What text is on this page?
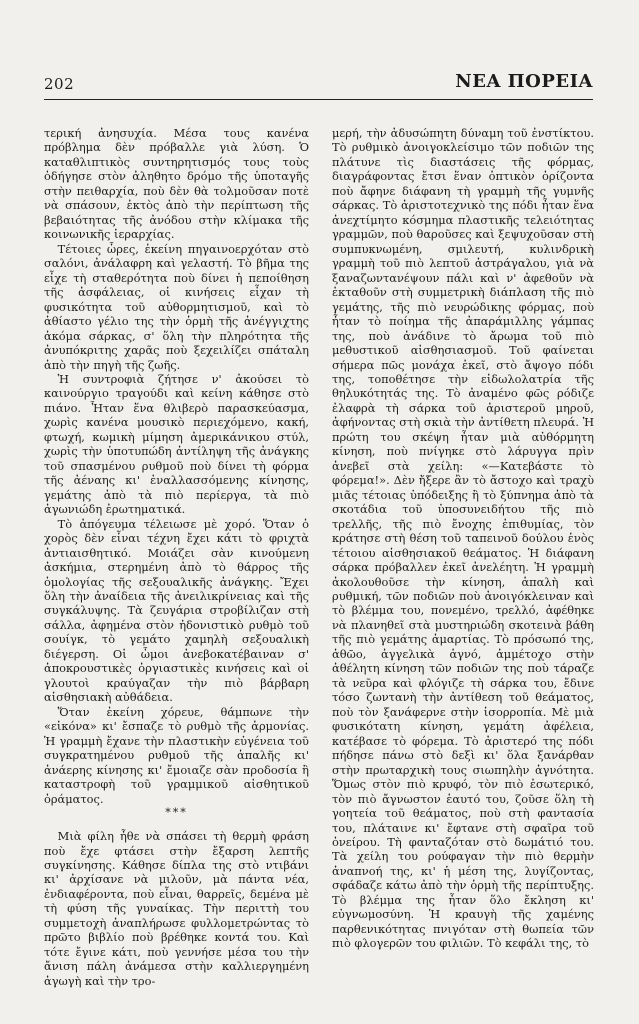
202	ΝΕΑ ΠΟΡΕΙΑ

τερική ἀνησυχία. Μέσα τους κανένα πρόβλημα δὲν πρόβαλλε γιὰ λύση. Ὁ καταθλιπτικὸς συντηρητισμός τους τοὺς ὁδήγησε στὸν ἀληθητο δρόμο τῆς ὑποταγῆς στὴν πειθαρχία, ποὺ δὲν θὰ τολμοῦσαν ποτὲ νὰ σπάσουν, ἐκτὸς ἀπὸ τὴν περίπτωση τῆς βεβαιότητας τῆς ἀνόδου στὴν κλίμακα τῆς κοινωνικῆς ἱεραρχίας.

Τέτοιες ὧρες, ἐκείνη πηγαινοερχόταν στὸ σαλόνι, ἀνάλαφρη καὶ γελαστή. Τὸ βῆμα της εἶχε τὴ σταθερότητα ποὺ δίνει ἡ πεποίθηση τῆς ἀσφάλειας, οἱ κινήσεις εἶχαν τὴ φυσικότητα τοῦ αὐθορμητισμοῦ, καὶ τὸ ἀθίαστο γέλιο της τὴν ὁρμὴ τῆς ἀνέγγιχτης ἀκόμα σάρκας, σ' ὅλη τὴν πληρότητα τῆς ἀνυπόκριτης χαρᾶς ποὺ ξεχειλίζει σπάταλη ἀπὸ τὴν πηγὴ τῆς ζωῆς.

Ἡ συντροφιὰ ζήτησε ν' ἀκούσει τὸ καινούργιο τραγούδι καὶ κείνη κάθησε στὸ πιάνο. Ἦταν ἕνα θλιβερὸ παρασκεύασμα, χωρὶς κανένα μουσικὸ περιεχόμενο, κακή, φτωχή, κωμικὴ μίμηση ἀμερικάνικου στύλ, χωρὶς τὴν ὑποτυπώδη ἀντίληψη τῆς ἀνάγκης τοῦ σπασμένου ρυθμοῦ ποὺ δίνει τὴ φόρμα τῆς ἀέναης κι' ἐναλλασσόμενης κίνησης, γεμάτης ἀπὸ τὰ πιὸ περίεργα, τὰ πιὸ ἀγωνιώδη ἐρωτηματικά.

Τὸ ἀπόγευμα τέλειωσε μὲ χορό. Ὅταν ὁ χορὸς δὲν εἶναι τέχνη ἔχει κάτι τὸ φριχτὰ ἀντιαισθητικό. Μοιάζει σὰν κινούμενη ἀσκήμια, στερημένη ἀπὸ τὸ θάρρος τῆς ὁμολογίας τῆς σεξουαλικῆς ἀνάγκης. Ἔχει ὅλη τὴν ἀναίδεια τῆς ἀνειλικρίνειας καὶ τῆς συγκάλυψης. Τὰ ζευγάρια στροβίλιζαν στὴ σάλλα, ἀφημένα στὸν ἠδονιστικὸ ρυθμὸ τοῦ σουίγκ, τὸ γεμάτο χαμηλὴ σεξουαλικὴ διέγερση. Οἱ ὦμοι ἀνεβοκατέβαιναν σ' ἀποκρουστικὲς ὀργιαστικὲς κινήσεις καὶ οἱ γλουτοὶ κραύγαζαν τὴν πιὸ βάρβαρη αἰσθησιακὴ αὐθάδεια.

Ὅταν ἐκείνη χόρευε, θάμπωνε τὴν «εἰκόνα» κι' ἔσπαζε τὸ ρυθμὸ τῆς ἁρμονίας. Ἡ γραμμὴ ἔχανε τὴν πλαστικὴν εὐγένεια τοῦ συγκρατημένου ρυθμοῦ τῆς ἁπαλῆς κι' ἀνάερης κίνησης κι' ἔμοιαζε σὰν προδοσία ἢ καταστροφὴ τοῦ γραμμικοῦ αἰσθητικοῦ ὁράματος.

***

Μιὰ φίλη ἦθε νὰ σπάσει τὴ θερμὴ φράση ποὺ ἔχε φτάσει στὴν ἔξαρση λεπτῆς συγκίνησης. Κάθησε δίπλα της στὸ ντιβάνι κι' ἀρχίσανε νὰ μιλοῦν, μὰ πάντα νέα, ἐνδιαφέροντα, ποὺ εἶναι, θαρρεῖς, δεμένα μὲ τὴ φύση τῆς γυναίκας. Τὴν περιττὴ του συμμετοχὴ ἀναπλήρωσε φυλλομετρώντας τὸ πρῶτο βιβλίο ποὺ βρέθηκε κοντά του. Καὶ τότε ἔγινε κάτι, ποὺ γεννήσε μέσα του τὴν ἄνιση πάλη ἀνάμεσα στὴν καλλιεργημένη ἀγωγὴ καὶ τὴν τρο-

μερή, τὴν ἀδυσώπητη δύναμη τοῦ ἐνστίκτου. Τὸ ρυθμικὸ ἀνοιγοκλείσιμο τῶν ποδιῶν της πλάτυνε τὶς διαστάσεις τῆς φόρμας, διαγράφοντας ἔτσι ἕναν ὀπτικὸν ὁρίζοντα ποὺ ἄφηνε διάφανη τὴ γραμμὴ τῆς γυμνῆς σάρκας. Τὸ ἀριστοτεχνικὸ της πόδι ἦταν ἕνα ἀνεχτίμητο κόσμημα πλαστικῆς τελειότητας γραμμῶν, ποὺ θαροῦσες καὶ ξεψυχοῦσαν στὴ συμπυκνωμένη, σμιλευτή, κυλινδρικὴ γραμμὴ τοῦ πιὸ λεπτοῦ ἀστράγαλου, γιὰ νὰ ξαναζωντανέψουν πάλι καὶ ν' ἀφεθοῦν νὰ ἐκταθοῦν στὴ συμμετρικὴ διάπλαση τῆς πιὸ γεμάτης, τῆς πιὸ νευρώδικης φόρμας, ποὺ ἦταν τὸ ποίημα τῆς ἀπαράμιλλης γάμπας της, ποὺ ἀνάδινε τὸ ἄρωμα τοῦ πιὸ μεθυστικοῦ αἰσθησιασμοῦ. Τοῦ φαίνεται σήμερα πῶς μονάχα ἐκεῖ, στὸ ἄψογο πόδι της, τοποθέτησε τὴν εἰδωλολατρία τῆς θηλυκότητάς της. Τὸ ἀναμένο φῶς ρόδιζε ἐλαφρὰ τὴ σάρκα τοῦ ἀριστεροῦ μηροῦ, ἀφήνοντας στὴ σκιὰ τὴν ἀντίθετη πλευρά. Ἡ πρώτη του σκέψη ἦταν μιὰ αὐθόρμητη κίνηση, ποὺ πνίγηκε στὸ λάρυγγα πρὶν ἀνεβεῖ στὰ χείλη: «—Κατεβάστε τὸ φόρεμα!». Δὲν ἤξερε ἂν τὸ ἄστοχο καὶ τραχὺ μιᾶς τέτοιας ὑπόδειξης ἢ τὸ ξύπνημα ἀπὸ τὰ σκοτάδια τοῦ ὑποσυνειδήτου τῆς πιὸ τρελλῆς, τῆς πιὸ ἔνοχης ἐπιθυμίας, τὸν κράτησε στὴ θέση τοῦ ταπεινοῦ δούλου ἑνὸς τέτοιου αἰσθησιακοῦ θεάματος. Ἡ διάφανη σάρκα πρόβαλλεν ἐκεῖ ἀνελέητη. Ἡ γραμμὴ ἀκολουθοῦσε τὴν κίνηση, ἁπαλὴ καὶ ρυθμική, τῶν ποδιῶν ποὺ ἀνοιγόκλειναν καὶ τὸ βλέμμα του, πονεμένο, τρελλό, ἀφέθηκε νὰ πλανηθεῖ στὰ μυστηριώδη σκοτεινὰ βάθη τῆς πιὸ γεμάτης ἁμαρτίας. Τὸ πρόσωπό της, ἁθῶο, ἀγγελικὰ ἁγνό, ἀμμέτοχο στὴν ἀθέλητη κίνηση τῶν ποδιῶν της ποὺ τάραζε τὰ νεῦρα καὶ φλόγιζε τὴ σάρκα του, ἔδινε τόσο ζωντανὴ τὴν ἀντίθεση τοῦ θεάματος, ποὺ τὸν ξανάφερνε στὴν ἰσορροπία. Μὲ μιὰ φυσικότατη κίνηση, γεμάτη ἀφέλεια, κατέβασε τὸ φόρεμα. Τὸ ἀριστερό της πόδι πήδησε πάνω στὸ δεξὶ κι' ὅλα ξανάρθαν στὴν πρωταρχικὴ τους σιωπηλὴν ἁγνότητα. Ὅμως στὸν πιὸ κρυφό, τὸν πιὸ ἐσωτερικό, τὸν πιὸ ἄγνωστον ἑαυτό του, ζοῦσε ὅλη τὴ γοητεία τοῦ θεάματος, ποὺ στὴ φαντασία του, πλάταινε κι' ἔφτανε στὴ σφαῖρα τοῦ ὀνείρου. Τὴ φανταζόταν στὸ δωμάτιό του. Τὰ χείλη του ρούφαγαν τὴν πιὸ θερμὴν ἀναπνοή της, κι' ἡ μέση της, λυγίζοντας, σφάδαζε κάτω ἀπὸ τὴν ὁρμὴ τῆς περίπτυξης. Τὸ βλέμμα της ἦταν ὅλο ἔκληση κι' εὐγνωμοσύνη. Ἡ κραυγὴ τῆς χαμένης παρθενικότητας πνιγόταν στὴ θωπεία τῶν πιὸ φλογερῶν του φιλιῶν. Τὸ κεφάλι της, τὸ
